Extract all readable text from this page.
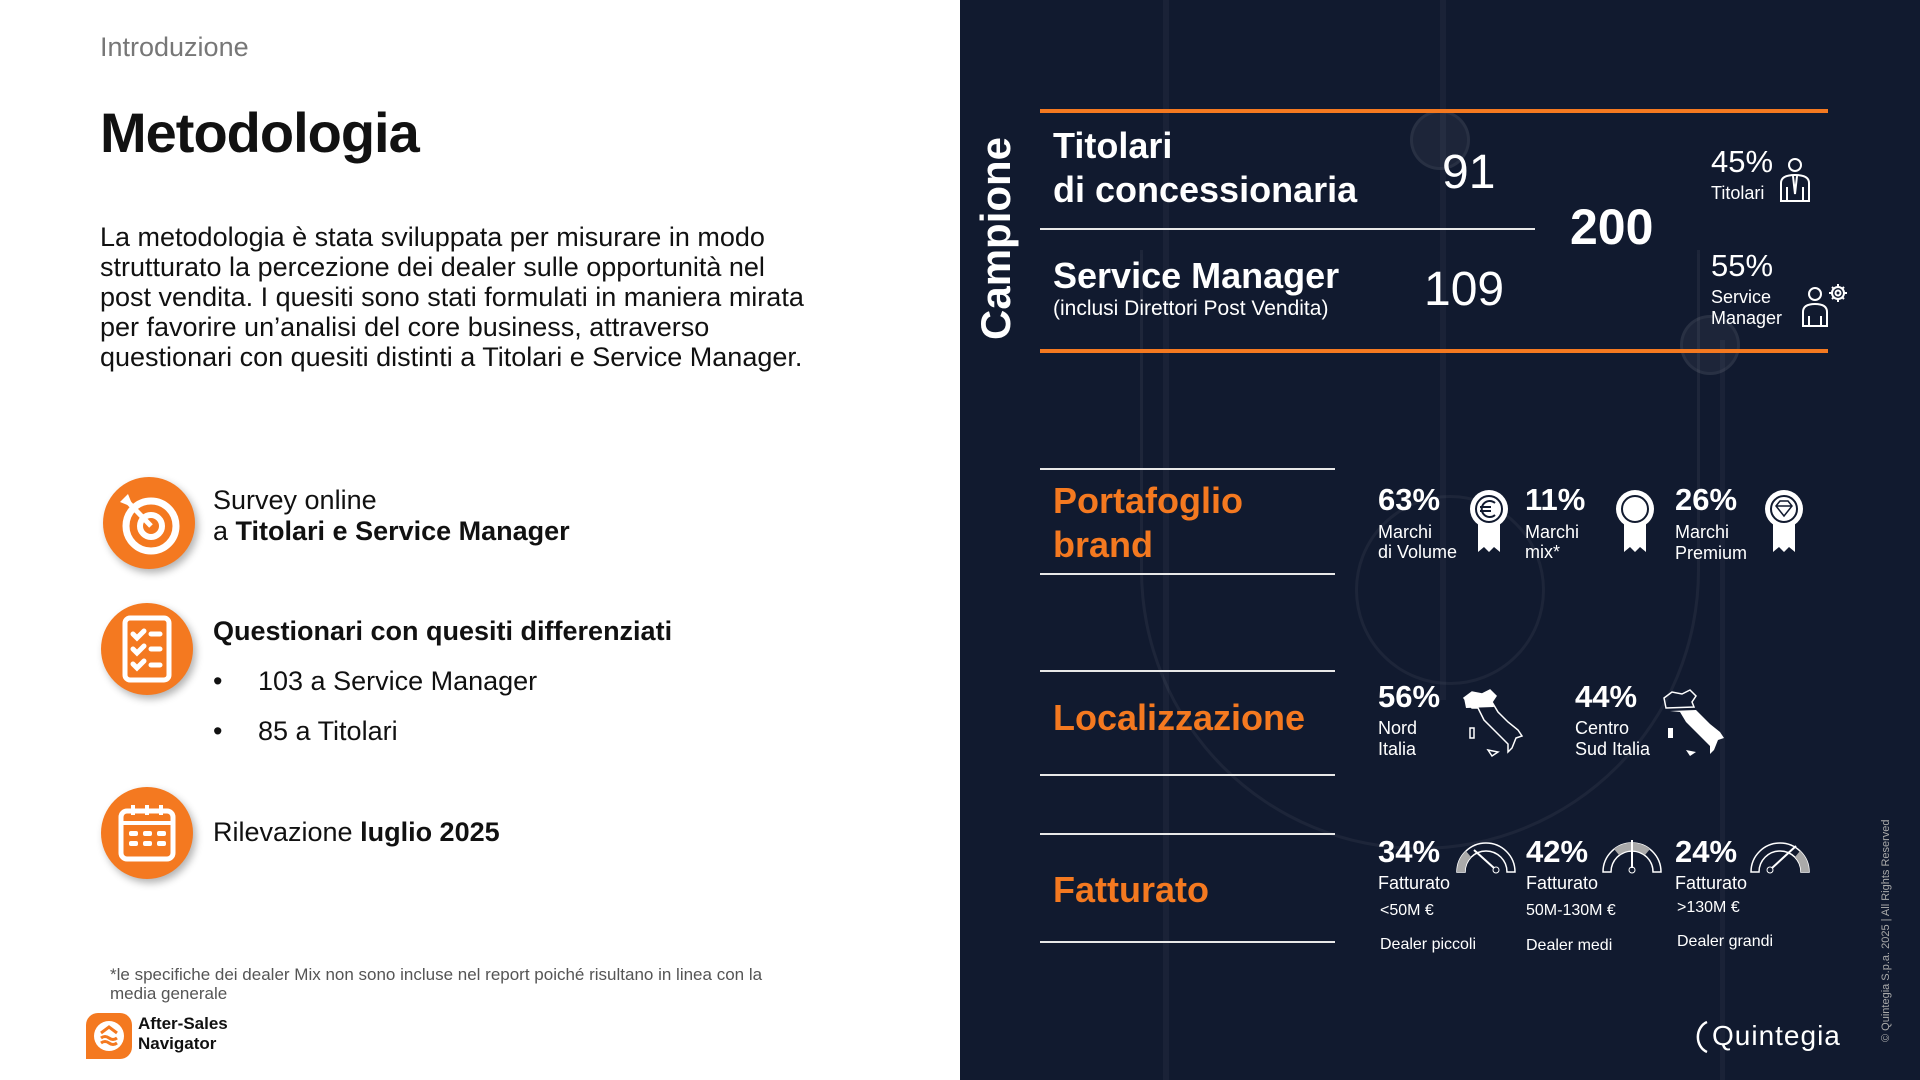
Introduzione
Metodologia
La metodologia è stata sviluppata per misurare in modo strutturato la percezione dei dealer sulle opportunità nel post vendita. I quesiti sono stati formulati in maniera mirata per favorire un’analisi del core business, attraverso questionari con quesiti distinti a Titolari e Service Manager.
Survey online
a Titolari e Service Manager
Questionari con quesiti differenziati
• 103 a Service Manager
• 85 a Titolari
Rilevazione luglio 2025
*le specifiche dei dealer Mix non sono incluse nel report poiché risultano in linea con la media generale
After-Sales Navigator
Campione Titolari
di concessionaria 91
Service Manager
(inclusi Direttori Post Vendita) 109
200
45%
Titolari
55%
Service
Manager
Portafoglio
brand
Localizzazione
Fatturato
63%
Marchi
di Volume
11%
Marchi
mix*
26%
Marchi
Premium
56%
Nord
Italia
44%
Centro
Sud Italia
34%
Fatturato
<50M €
Dealer piccoli
42%
Fatturato
50M-130M €
Dealer medi
24%
Fatturato
>130M €
Dealer grandi
Quintegia	© Quintegia S.p.a. 2025 | All Rights Reserved
